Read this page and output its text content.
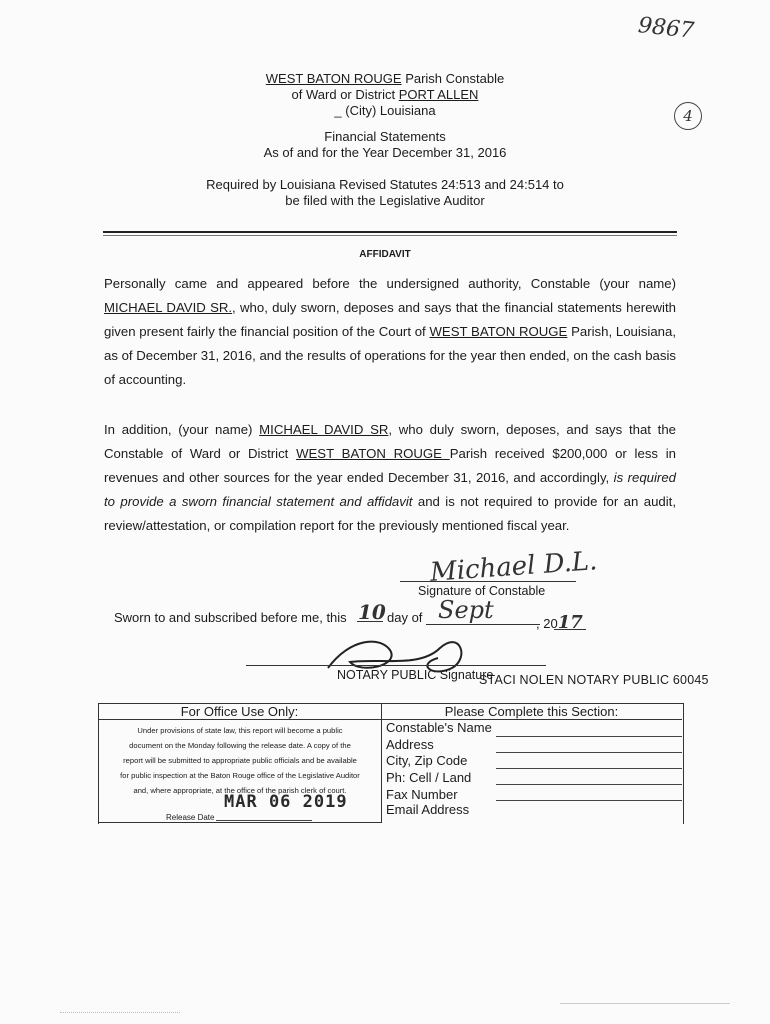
9867
4
WEST BATON ROUGE Parish Constable
of Ward or District PORT ALLEN
_ (City) Louisiana
Financial Statements
As of and for the Year December 31, 2016
Required by Louisiana Revised Statutes 24:513 and 24:514 to
be filed with the Legislative Auditor
AFFIDAVIT
Personally came and appeared before the undersigned authority, Constable (your name) MICHAEL DAVID SR., who, duly sworn, deposes and says that the financial statements herewith given present fairly the financial position of the Court of WEST BATON ROUGE Parish, Louisiana, as of December 31, 2016, and the results of operations for the year then ended, on the cash basis of accounting.
In addition, (your name) MICHAEL DAVID SR, who duly sworn, deposes, and says that the Constable of Ward or District WEST BATON ROUGE Parish received $200,000 or less in revenues and other sources for the year ended December 31, 2016, and accordingly, is required to provide a sworn financial statement and affidavit and is not required to provide for an audit, review/attestation, or compilation report for the previously mentioned fiscal year.
Michael D.L.
Signature of Constable
Sworn to and subscribed before me, this 10 day of Sept	, 2017
NOTARY PUBLIC Signature
STACI NOLEN NOTARY PUBLIC 60045
For Office Use Only:	Please Complete this Section:
Under provisions of state law, this report will become a public
document on the Monday following the release date. A copy of the
report will be submitted to appropriate public officials and be available
for public inspection at the Baton Rouge office of the Legislative Auditor
and, where appropriate, at the office of the parish clerk of court.
MAR 06 2019
Release Date
Constable's Name
Address
City, Zip Code
Ph: Cell / Land
Fax Number
Email Address
